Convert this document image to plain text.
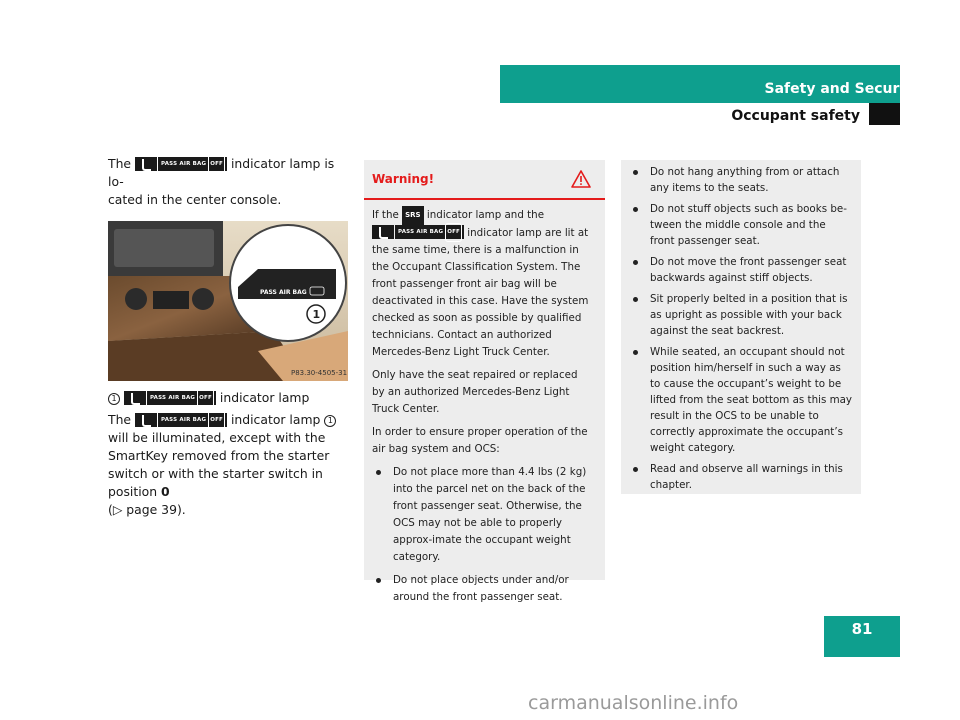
Safety and Security
Occupant safety

The	PASS AIR BAG OFF indicator lamp is lo-
cated in the center console.

PASS AIR BAG
1
P83.30-4505-31

1	PASS AIR BAG OFF indicator lamp

The	PASS AIR BAG OFF indicator lamp 1 will be illuminated, except with the SmartKey removed from the starter switch or with the starter switch in position 0
(▷ page 39).

Warning!

If the SRS indicator lamp and the

PASS AIR BAG OFF indicator lamp are lit at the same time, there is a malfunction in the Occupant Classification System. The front passenger front air bag will be deactivated in this case. Have the system checked as soon as possible by qualified technicians. Contact an authorized Mercedes-Benz Light Truck Center.

Only have the seat repaired or replaced by an authorized Mercedes-Benz Light Truck Center.

In order to ensure proper operation of the air bag system and OCS:

Do not place more than 4.4 lbs (2 kg) into the parcel net on the back of the front passenger seat. Otherwise, the OCS may not be able to properly approx-imate the occupant weight category.
Do not place objects under and/or around the front passenger seat.
Do not hang anything from or attach any items to the seats.
Do not stuff objects such as books be-tween the middle console and the front passenger seat.
Do not move the front passenger seat backwards against stiff objects.
Sit properly belted in a position that is as upright as possible with your back against the seat backrest.
While seated, an occupant should not position him/herself in such a way as to cause the occupant’s weight to be lifted from the seat bottom as this may result in the OCS to be unable to correctly approximate the occupant’s weight category.
Read and observe all warnings in this chapter.
81
carmanualsonline.info
